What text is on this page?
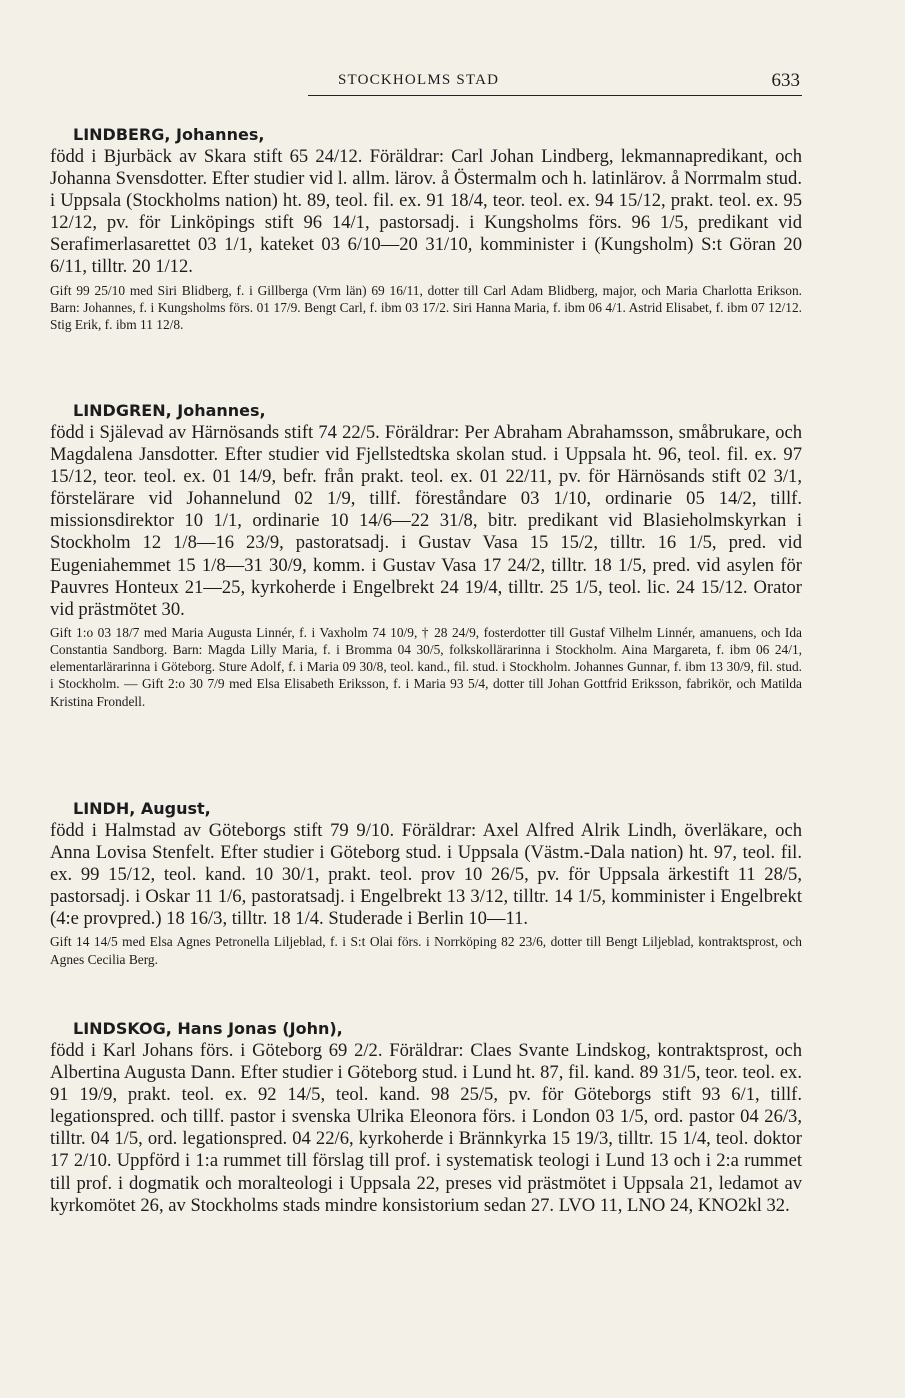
STOCKHOLMS STAD	633
LINDBERG, Johannes,

född i Bjurbäck av Skara stift 65 24/12. Föräldrar: Carl Johan Lindberg, lekmannapredikant, och Johanna Svensdotter. Efter studier vid l. allm. lärov. å Östermalm och h. latinlärov. å Norrmalm stud. i Uppsala (Stockholms nation) ht. 89, teol. fil. ex. 91 18/4, teor. teol. ex. 94 15/12, prakt. teol. ex. 95 12/12, pv. för Linköpings stift 96 14/1, pastorsadj. i Kungsholms förs. 96 1/5, predikant vid Serafimerlasarettet 03 1/1, kateket 03 6/10—20 31/10, komminister i (Kungsholm) S:t Göran 20 6/11, tilltr. 20 1/12.

Gift 99 25/10 med Siri Blidberg, f. i Gillberga (Vrm län) 69 16/11, dotter till Carl Adam Blidberg, major, och Maria Charlotta Erikson. Barn: Johannes, f. i Kungsholms förs. 01 17/9. Bengt Carl, f. ibm 03 17/2. Siri Hanna Maria, f. ibm 06 4/1. Astrid Elisabet, f. ibm 07 12/12. Stig Erik, f. ibm 11 12/8.

LINDGREN, Johannes,

född i Själevad av Härnösands stift 74 22/5. Föräldrar: Per Abraham Abrahamsson, småbrukare, och Magdalena Jansdotter. Efter studier vid Fjellstedtska skolan stud. i Uppsala ht. 96, teol. fil. ex. 97 15/12, teor. teol. ex. 01 14/9, befr. från prakt. teol. ex. 01 22/11, pv. för Härnösands stift 02 3/1, förstelärare vid Johannelund 02 1/9, tillf. föreståndare 03 1/10, ordinarie 05 14/2, tillf. missionsdirektor 10 1/1, ordinarie 10 14/6—22 31/8, bitr. predikant vid Blasieholmskyrkan i Stockholm 12 1/8—16 23/9, pastoratsadj. i Gustav Vasa 15 15/2, tilltr. 16 1/5, pred. vid Eugeniahemmet 15 1/8—31 30/9, komm. i Gustav Vasa 17 24/2, tilltr. 18 1/5, pred. vid asylen för Pauvres Honteux 21—25, kyrkoherde i Engelbrekt 24 19/4, tilltr. 25 1/5, teol. lic. 24 15/12. Orator vid prästmötet 30.

Gift 1:o 03 18/7 med Maria Augusta Linnér, f. i Vaxholm 74 10/9, † 28 24/9, fosterdotter till Gustaf Vilhelm Linnér, amanuens, och Ida Constantia Sandborg. Barn: Magda Lilly Maria, f. i Bromma 04 30/5, folkskollärarinna i Stockholm. Aina Margareta, f. ibm 06 24/1, elementarlärarinna i Göteborg. Sture Adolf, f. i Maria 09 30/8, teol. kand., fil. stud. i Stockholm. Johannes Gunnar, f. ibm 13 30/9, fil. stud. i Stockholm. — Gift 2:o 30 7/9 med Elsa Elisabeth Eriksson, f. i Maria 93 5/4, dotter till Johan Gottfrid Eriksson, fabrikör, och Matilda Kristina Frondell.

LINDH, August,

född i Halmstad av Göteborgs stift 79 9/10. Föräldrar: Axel Alfred Alrik Lindh, överläkare, och Anna Lovisa Stenfelt. Efter studier i Göteborg stud. i Uppsala (Västm.-Dala nation) ht. 97, teol. fil. ex. 99 15/12, teol. kand. 10 30/1, prakt. teol. prov 10 26/5, pv. för Uppsala ärkestift 11 28/5, pastorsadj. i Oskar 11 1/6, pastoratsadj. i Engelbrekt 13 3/12, tilltr. 14 1/5, komminister i Engelbrekt (4:e provpred.) 18 16/3, tilltr. 18 1/4. Studerade i Berlin 10—11.

Gift 14 14/5 med Elsa Agnes Petronella Liljeblad, f. i S:t Olai förs. i Norrköping 82 23/6, dotter till Bengt Liljeblad, kontraktsprost, och Agnes Cecilia Berg.

LINDSKOG, Hans Jonas (John),

född i Karl Johans förs. i Göteborg 69 2/2. Föräldrar: Claes Svante Lindskog, kontraktsprost, och Albertina Augusta Dann. Efter studier i Göteborg stud. i Lund ht. 87, fil. kand. 89 31/5, teor. teol. ex. 91 19/9, prakt. teol. ex. 92 14/5, teol. kand. 98 25/5, pv. för Göteborgs stift 93 6/1, tillf. legationspred. och tillf. pastor i svenska Ulrika Eleonora förs. i London 03 1/5, ord. pastor 04 26/3, tilltr. 04 1/5, ord. legationspred. 04 22/6, kyrkoherde i Brännkyrka 15 19/3, tilltr. 15 1/4, teol. doktor 17 2/10. Uppförd i 1:a rummet till förslag till prof. i systematisk teologi i Lund 13 och i 2:a rummet till prof. i dogmatik och moralteologi i Uppsala 22, preses vid prästmötet i Uppsala 21, ledamot av kyrkomötet 26, av Stockholms stads mindre konsistorium sedan 27. LVO 11, LNO 24, KNO2kl 32.
